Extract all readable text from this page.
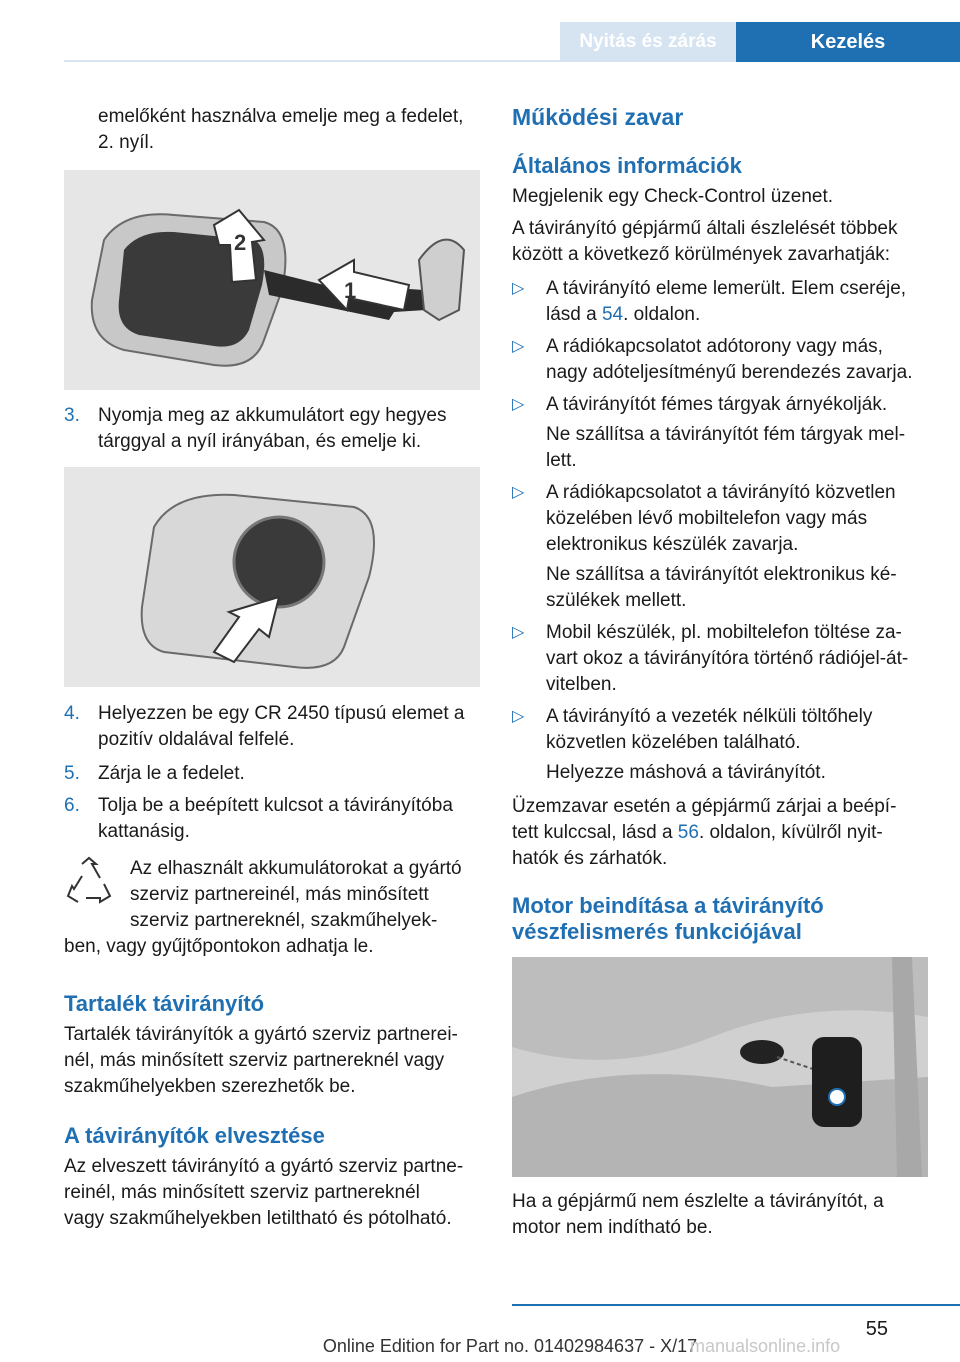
Nyitás és zárás	Kezelés

emelőként használva emelje meg a fedelet,

2. nyíl.

2
1
3. Nyomja meg az akkumulátort egy hegyes

tárggyal a nyíl irányában, és emelje ki.

4. Helyezzen be egy CR 2450 típusú elemet a

pozitív oldalával felfelé.

5. Zárja le a fedelet.

6. Tolja be a beépített kulcsot a távirányítóba

kattanásig.

Az elhasznált akkumulátorokat a gyártó

szerviz partnereinél, más minősített

szerviz partnereknél, szakműhelyek-

ben, vagy gyűjtőpontokon adhatja le.

Tartalék távirányító

Tartalék távirányítók a gyártó szerviz partnerei-

nél, más minősített szerviz partnereknél vagy

szakműhelyekben szerezhetők be.

A távirányítók elvesztése

Az elveszett távirányító a gyártó szerviz partne-

reinél, más minősített szerviz partnereknél

vagy szakműhelyekben letiltható és pótolható.

Működési zavar
Általános információk

Megjelenik egy Check-Control üzenet.

A távirányító gépjármű általi észlelését többek

között a következő körülmények zavarhatják:

▷ A távirányító eleme lemerült. Elem cseréje,

lásd a 54. oldalon.

▷ A rádiókapcsolatot adótorony vagy más,

nagy adóteljesítményű berendezés zavarja.

▷ A távirányítót fémes tárgyak árnyékolják.

Ne szállítsa a távirányítót fém tárgyak mel-

lett.

▷ A rádiókapcsolatot a távirányító közvetlen

közelében lévő mobiltelefon vagy más

elektronikus készülék zavarja.

Ne szállítsa a távirányítót elektronikus ké-

szülékek mellett.

▷ Mobil készülék, pl. mobiltelefon töltése za-

vart okoz a távirányítóra történő rádiójel-át-

vitelben.

▷ A távirányító a vezeték nélküli töltőhely

közvetlen közelében található.

Helyezze máshová a távirányítót.

Üzemzavar esetén a gépjármű zárjai a beépí-

tett kulccsal, lásd a 56. oldalon, kívülről nyit-

hatók és zárhatók.

Motor beindítása a távirányító
vészfelismerés funkciójával

Ha a gépjármű nem észlelte a távirányítót, a

motor nem indítható be.

55
Online Edition for Part no. 01402984637 - X/17
manualsonline.info
